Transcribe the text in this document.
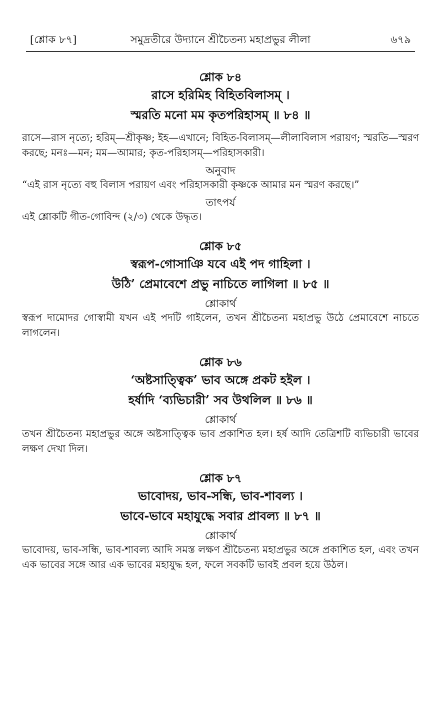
[শ্লোক ৮৭]	সমুদ্রতীরে উদ্যানে শ্রীচৈতন্য মহাপ্রভুর লীলা	৬৭৯
শ্লোক ৮৪
রাসে হরিমিহ বিহিতবিলাসম্ ।
স্মরতি মনো মম কৃতপরিহাসম্ ॥ ৮৪ ॥
রাসে—রাস নৃত্যে; হরিম্—শ্রীকৃষ্ণ; ইহ—এখানে; বিহিত-বিলাসম্—লীলাবিলাস পরায়ণ; স্মরতি—স্মরণ করছে; মনঃ—মন; মম—আমার; কৃত-পরিহাসম্—পরিহাসকারী।
অনুবাদ
“এই রাস নৃত্যে বহু বিলাস পরায়ণ এবং পরিহাসকারী কৃষ্ণকে আমার মন স্মরণ করছে।”
তাৎপর্য
এই শ্লোকটি গীত-গোবিন্দ (২/৩) থেকে উদ্ধৃত।
শ্লোক ৮৫
স্বরূপ-গোসাঞি যবে এই পদ গাহিলা ।
উঠি’ প্রেমাবেশে প্রভু নাচিতে লাগিলা ॥ ৮৫ ॥
শ্লোকার্থ
স্বরূপ দামোদর গোস্বামী যখন এই পদটি গাইলেন, তখন শ্রীচৈতন্য মহাপ্রভু উঠে প্রেমাবেশে নাচতে লাগলেন।
শ্লোক ৮৬
‘অষ্টসাত্ত্বিক’ ভাব অঙ্গে প্রকট হইল ।
হর্ষাদি ‘ব্যভিচারী’ সব উথলিল ॥ ৮৬ ॥
শ্লোকার্থ
তখন শ্রীচৈতন্য মহাপ্রভুর অঙ্গে অষ্টসাত্ত্বিক ভাব প্রকাশিত হল। হর্ষ আদি তেত্রিশটি ব্যভিচারী ভাবের লক্ষণ দেখা দিল।
শ্লোক ৮৭
ভাবোদয়, ভাব-সন্ধি, ভাব-শাবল্য ।
ভাবে-ভাবে মহাযুদ্ধে সবার প্রাবল্য ॥ ৮৭ ॥
শ্লোকার্থ
ভাবোদয়, ভাব-সন্ধি, ভাব-শাবল্য আদি সমস্ত লক্ষণ শ্রীচৈতন্য মহাপ্রভুর অঙ্গে প্রকাশিত হল, এবং তখন এক ভাবের সঙ্গে আর এক ভাবের মহাযুদ্ধ হল, ফলে সবকটি ভাবই প্রবল হয়ে উঠল।
